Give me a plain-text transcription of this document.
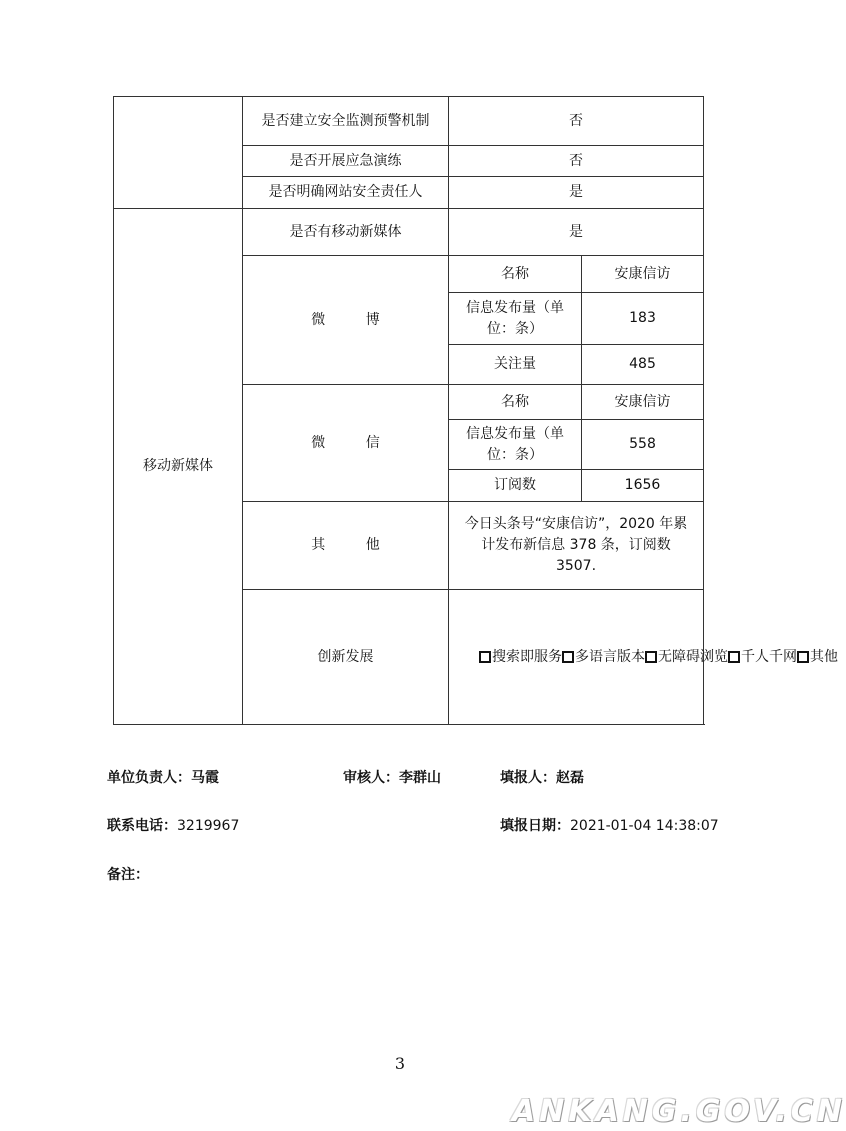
	是否建立安全监测预警机制	否	
	是否开展应急演练	否	
	是否明确网站安全责任人	是	
移动新媒体	是否有移动新媒体	是	
	微 博	名称	安康信访
		信息发布量（单位：条）	183
		关注量	485
	微 信	名称	安康信访
		信息发布量（单位：条）	558
		订阅数	1656
	其 他	今日头条号“安康信访”，2020 年累计发布新信息 378 条，订阅数 3507.	
	创新发展	搜索即服务 多语言版本 无障碍浏览 千人千网 其他	
单位负责人：马霞	审核人：李群山	填报人：赵磊
联系电话：3219967	填报日期：2021-01-04 14:38:07
备注：
3
ANKANG.GOV.CN
